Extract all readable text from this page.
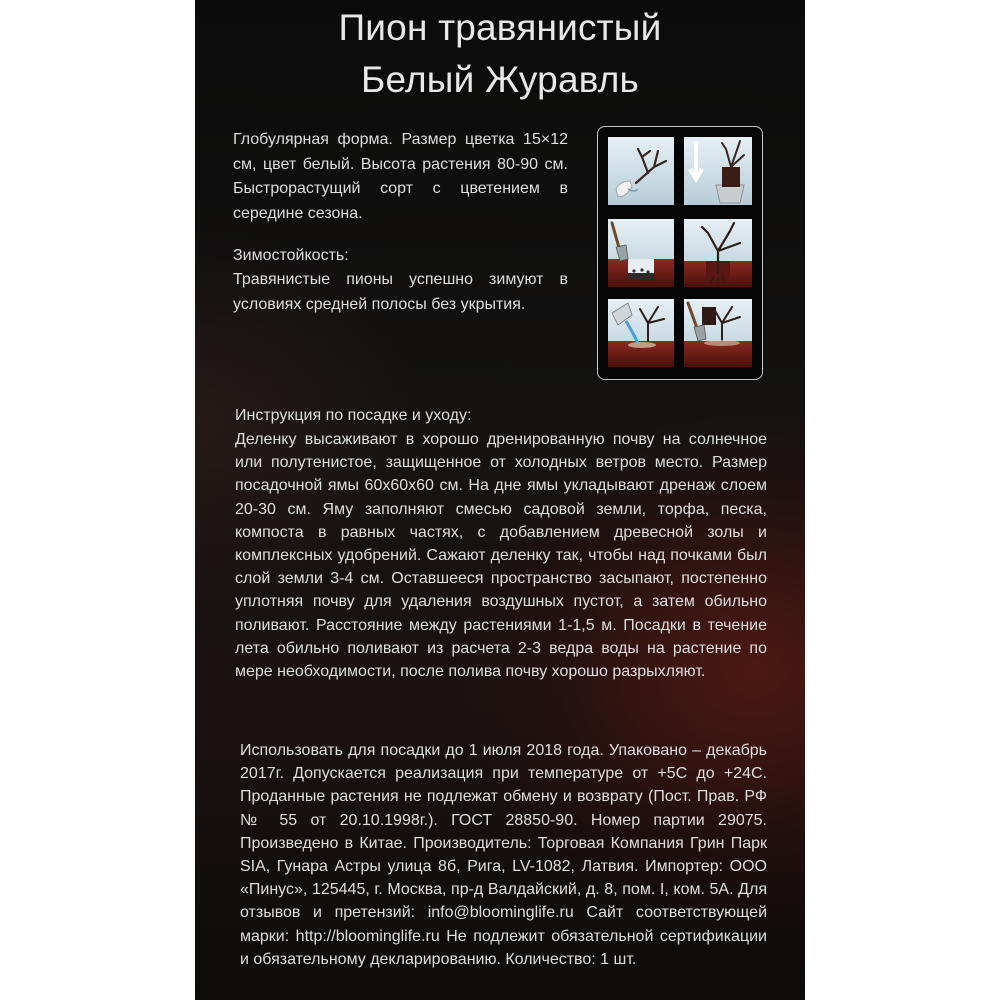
Пион травянистый
Белый Журавль
Глобулярная форма. Размер цветка 15×12 см, цвет белый. Высота растения 80-90 см. Быстрорастущий сорт с цветением в середине сезона.
Зимостойкость:
Травянистые пионы успешно зимуют в условиях средней полосы без укрытия.
Инструкция по посадке и уходу:
Деленку высаживают в хорошо дренированную почву на солнечное или полутенистое, защищенное от холодных ветров место. Размер посадочной ямы 60х60х60 см. На дне ямы укладывают дренаж слоем 20-30 см. Яму заполняют смесью садовой земли, торфа, песка, компоста в равных частях, с добавлением древесной золы и комплексных удобрений. Сажают деленку так, чтобы над почками был слой земли 3-4 см. Оставшееся пространство засыпают, постепенно уплотняя почву для удаления воздушных пустот, а затем обильно поливают. Расстояние между растениями 1-1,5 м. Посадки в течение лета обильно поливают из расчета 2-3 ведра воды на растение по мере необходимости, после полива почву хорошо разрыхляют.
Использовать для посадки до 1 июля 2018 года. Упаковано – декабрь 2017г. Допускается реализация при температуре от +5С до +24С. Проданные растения не подлежат обмену и возврату (Пост. Прав. РФ № 55 от 20.10.1998г.). ГОСТ 28850-90. Номер партии 29075. Произведено в Китае. Производитель: Торговая Компания Грин Парк SIA, Гунара Астры улица 8б, Рига, LV-1082, Латвия. Импортер: ООО «Пинус», 125445, г. Москва, пр-д Валдайский, д. 8, пом. I, ком. 5А. Для отзывов и претензий: info@bloominglife.ru Сайт соответствующей марки: http://bloominglife.ru Не подлежит обязательной сертификации и обязательному декларированию. Количество: 1 шт.
